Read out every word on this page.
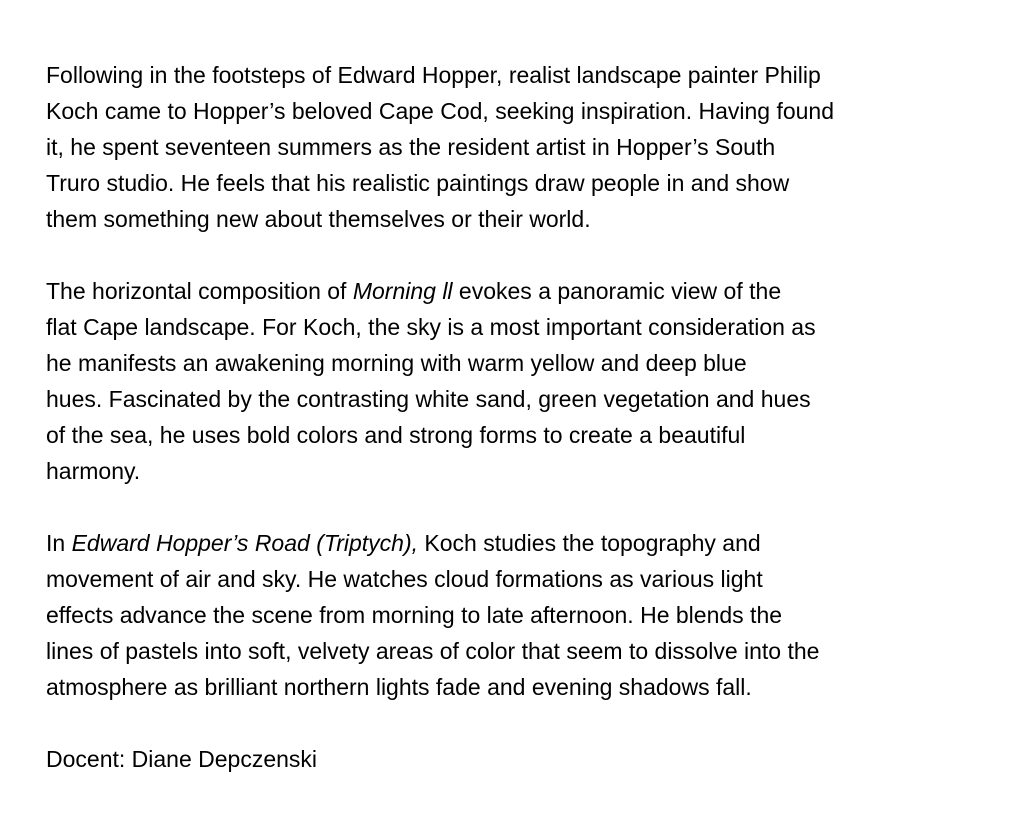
Following in the footsteps of Edward Hopper, realist landscape painter Philip
Koch came to Hopper’s beloved Cape Cod, seeking inspiration. Having found
it, he spent seventeen summers as the resident artist in Hopper’s South
Truro studio. He feels that his realistic paintings draw people in and show
them something new about themselves or their world.

The horizontal composition of Morning ll evokes a panoramic view of the
flat Cape landscape. For Koch, the sky is a most important consideration as
he manifests an awakening morning with warm yellow and deep blue
hues. Fascinated by the contrasting white sand, green vegetation and hues
of the sea, he uses bold colors and strong forms to create a beautiful
harmony.

In Edward Hopper’s Road (Triptych), Koch studies the topography and
movement of air and sky. He watches cloud formations as various light
effects advance the scene from morning to late afternoon. He blends the
lines of pastels into soft, velvety areas of color that seem to dissolve into the
atmosphere as brilliant northern lights fade and evening shadows fall.

Docent: Diane Depczenski
